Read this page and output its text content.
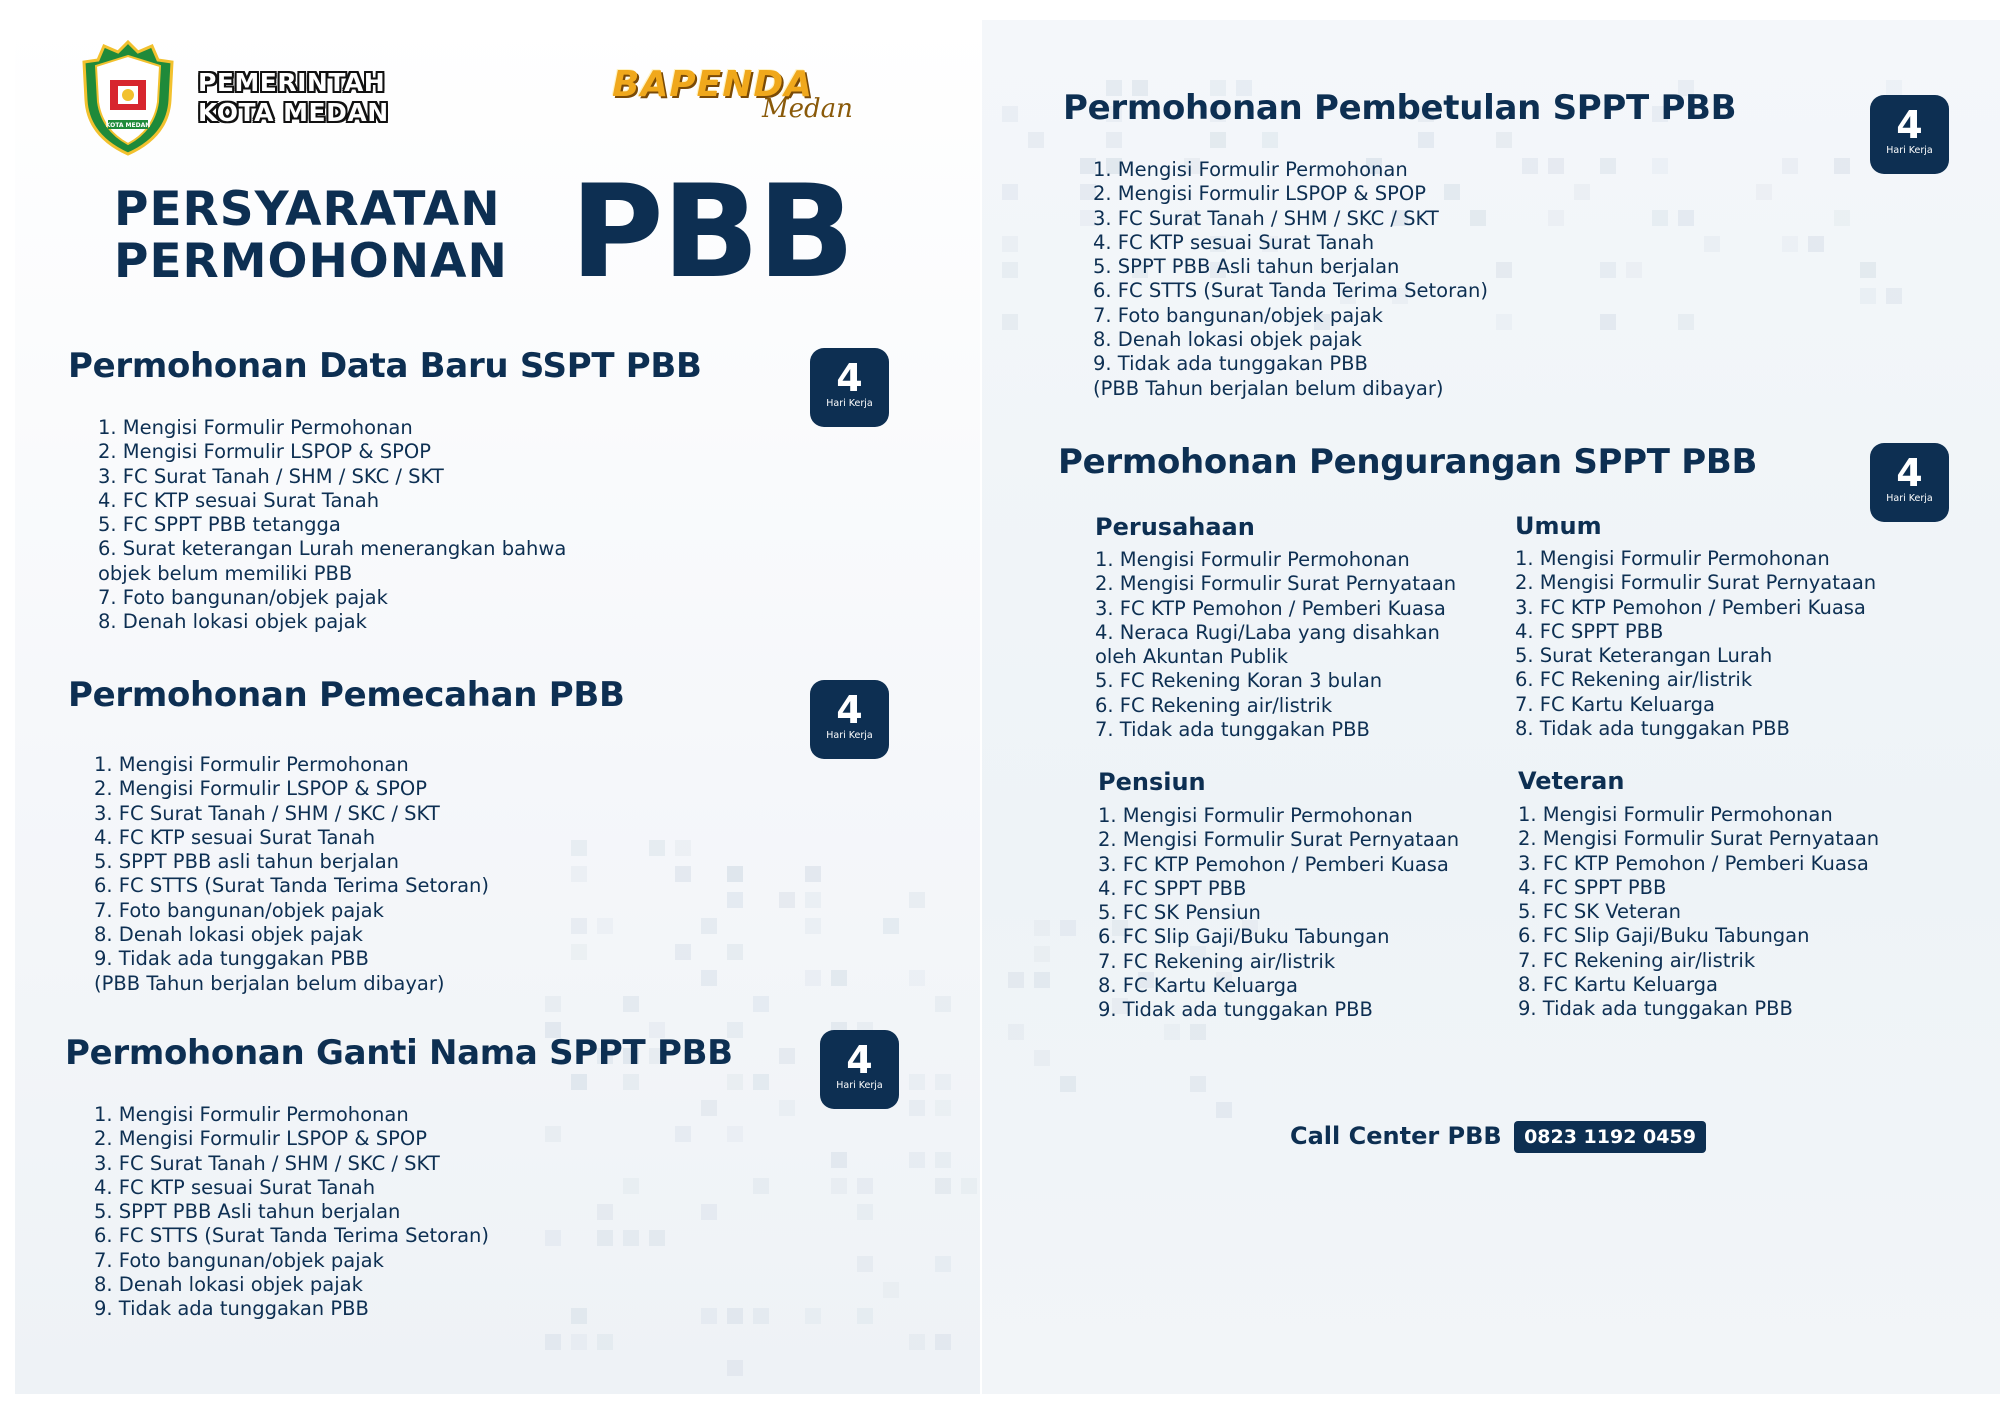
KOTA MEDAN
PEMERINTAH
KOTA MEDAN
BAPENDA
Medan
PERSYARATAN
PERMOHONAN PBB
Permohonan Data Baru SSPT PBB	4
Hari Kerja
1. Mengisi Formulir Permohonan
2. Mengisi Formulir LSPOP & SPOP
3. FC Surat Tanah / SHM / SKC / SKT
4. FC KTP sesuai Surat Tanah
5. FC SPPT PBB tetangga
6. Surat keterangan Lurah menerangkan bahwa
objek belum memiliki PBB
7. Foto bangunan/objek pajak
8. Denah lokasi objek pajak
Permohonan Pemecahan PBB	4
Hari Kerja
1. Mengisi Formulir Permohonan
2. Mengisi Formulir LSPOP & SPOP
3. FC Surat Tanah / SHM / SKC / SKT
4. FC KTP sesuai Surat Tanah
5. SPPT PBB asli tahun berjalan
6. FC STTS (Surat Tanda Terima Setoran)
7. Foto bangunan/objek pajak
8. Denah lokasi objek pajak
9. Tidak ada tunggakan PBB
(PBB Tahun berjalan belum dibayar)
Permohonan Ganti Nama SPPT PBB	4
Hari Kerja
1. Mengisi Formulir Permohonan
2. Mengisi Formulir LSPOP & SPOP
3. FC Surat Tanah / SHM / SKC / SKT
4. FC KTP sesuai Surat Tanah
5. SPPT PBB Asli tahun berjalan
6. FC STTS (Surat Tanda Terima Setoran)
7. Foto bangunan/objek pajak
8. Denah lokasi objek pajak
9. Tidak ada tunggakan PBB
Permohonan Pembetulan SPPT PBB	4
Hari Kerja
1. Mengisi Formulir Permohonan
2. Mengisi Formulir LSPOP & SPOP
3. FC Surat Tanah / SHM / SKC / SKT
4. FC KTP sesuai Surat Tanah
5. SPPT PBB Asli tahun berjalan
6. FC STTS (Surat Tanda Terima Setoran)
7. Foto bangunan/objek pajak
8. Denah lokasi objek pajak
9. Tidak ada tunggakan PBB
(PBB Tahun berjalan belum dibayar)
Permohonan Pengurangan SPPT PBB	4
Hari Kerja
Perusahaan
1. Mengisi Formulir Permohonan
2. Mengisi Formulir Surat Pernyataan
3. FC KTP Pemohon / Pemberi Kuasa
4. Neraca Rugi/Laba yang disahkan
oleh Akuntan Publik
5. FC Rekening Koran 3 bulan
6. FC Rekening air/listrik
7. Tidak ada tunggakan PBB
Umum
1. Mengisi Formulir Permohonan
2. Mengisi Formulir Surat Pernyataan
3. FC KTP Pemohon / Pemberi Kuasa
4. FC SPPT PBB
5. Surat Keterangan Lurah
6. FC Rekening air/listrik
7. FC Kartu Keluarga
8. Tidak ada tunggakan PBB
Pensiun
1. Mengisi Formulir Permohonan
2. Mengisi Formulir Surat Pernyataan
3. FC KTP Pemohon / Pemberi Kuasa
4. FC SPPT PBB
5. FC SK Pensiun
6. FC Slip Gaji/Buku Tabungan
7. FC Rekening air/listrik
8. FC Kartu Keluarga
9. Tidak ada tunggakan PBB
Veteran
1. Mengisi Formulir Permohonan
2. Mengisi Formulir Surat Pernyataan
3. FC KTP Pemohon / Pemberi Kuasa
4. FC SPPT PBB
5. FC SK Veteran
6. FC Slip Gaji/Buku Tabungan
7. FC Rekening air/listrik
8. FC Kartu Keluarga
9. Tidak ada tunggakan PBB
Call Center PBB	0823 1192 0459
